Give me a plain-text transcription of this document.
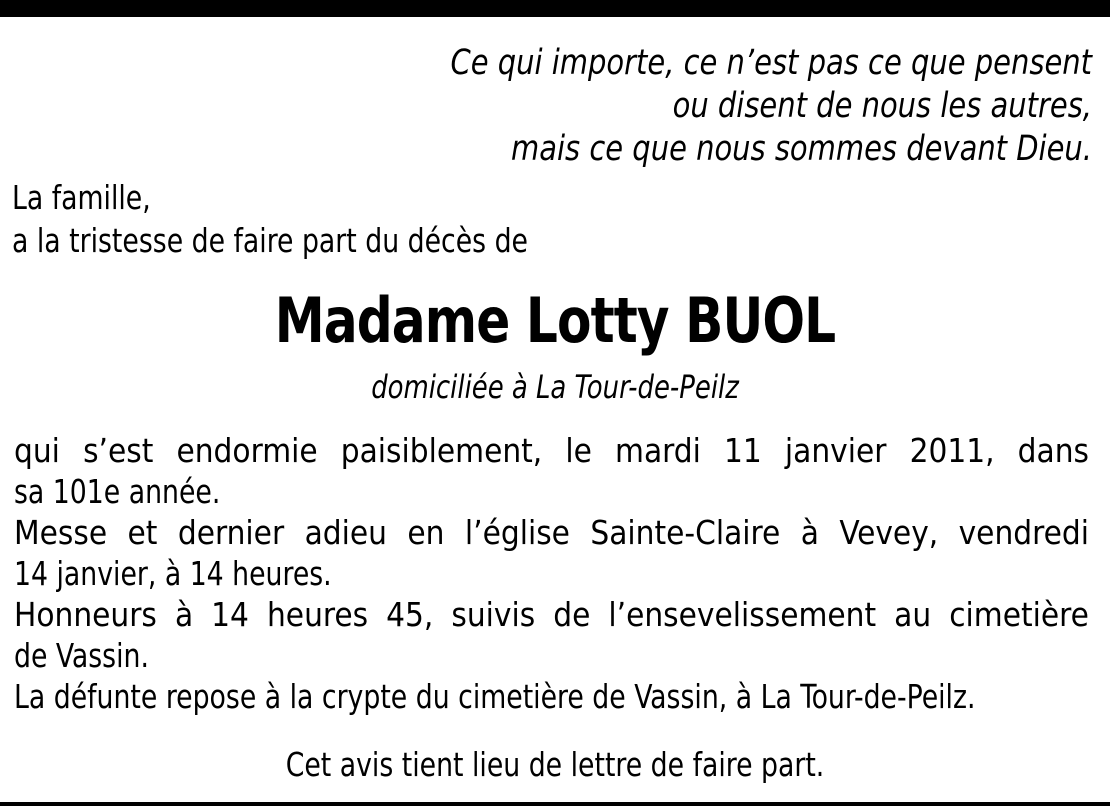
Ce qui importe, ce n’est pas ce que pensent
ou disent de nous les autres,
mais ce que nous sommes devant Dieu.
La famille,
a la tristesse de faire part du décès de
Madame Lotty BUOL
domiciliée à La Tour-de-Peilz
qui s’est endormie paisiblement, le mardi 11 janvier 2011, dans
sa 101e année.
Messe et dernier adieu en l’église Sainte-Claire à Vevey, vendredi
14 janvier, à 14 heures.
Honneurs à 14 heures 45, suivis de l’ensevelissement au cimetière
de Vassin.
La défunte repose à la crypte du cimetière de Vassin, à La Tour-de-Peilz.
Cet avis tient lieu de lettre de faire part.
